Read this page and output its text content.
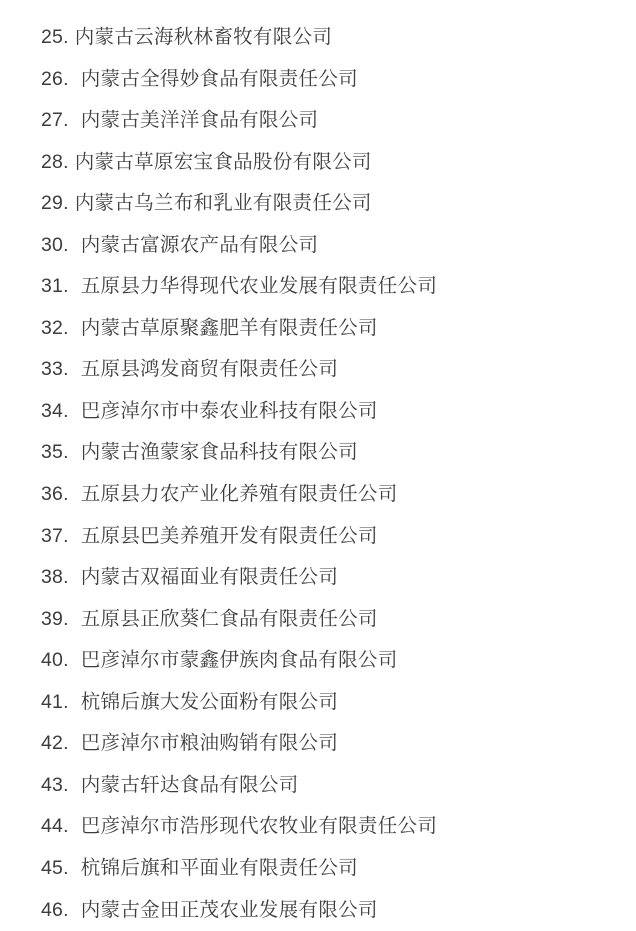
25. 内蒙古云海秋林畜牧有限公司
26. 内蒙古全得妙食品有限责任公司
27. 内蒙古美洋洋食品有限公司
28. 内蒙古草原宏宝食品股份有限公司
29. 内蒙古乌兰布和乳业有限责任公司
30. 内蒙古富源农产品有限公司
31. 五原县力华得现代农业发展有限责任公司
32. 内蒙古草原聚鑫肥羊有限责任公司
33. 五原县鸿发商贸有限责任公司
34. 巴彦淖尔市中泰农业科技有限公司
35. 内蒙古渔蒙家食品科技有限公司
36. 五原县力农产业化养殖有限责任公司
37. 五原县巴美养殖开发有限责任公司
38. 内蒙古双福面业有限责任公司
39. 五原县正欣葵仁食品有限责任公司
40. 巴彦淖尔市蒙鑫伊族肉食品有限公司
41. 杭锦后旗大发公面粉有限公司
42. 巴彦淖尔市粮油购销有限公司
43. 内蒙古轩达食品有限公司
44. 巴彦淖尔市浩彤现代农牧业有限责任公司
45. 杭锦后旗和平面业有限责任公司
46. 内蒙古金田正茂农业发展有限公司
